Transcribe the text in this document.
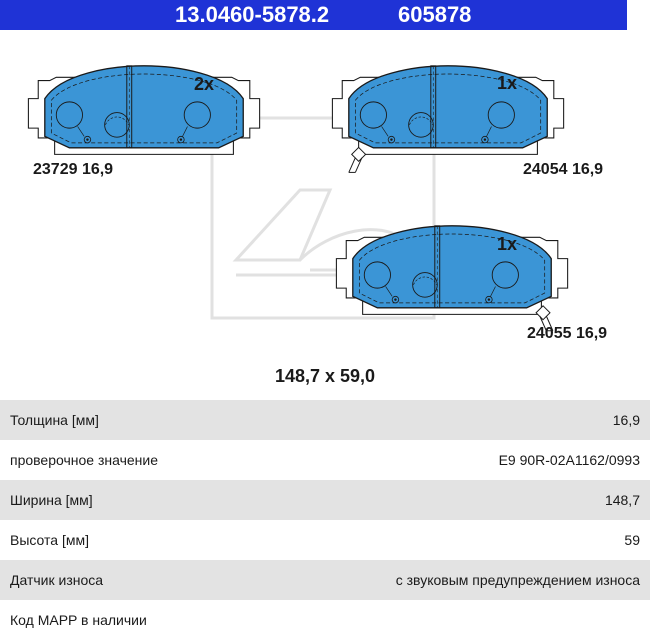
13.0460-5878.2	605878
2x	1x
1x
23729 16,9	24054 16,9
24055 16,9
148,7 x 59,0
Толщина [мм]	16,9
проверочное значение	E9 90R-02A1162/0993
Ширина [мм]	148,7
Высота [мм]	59
Датчик износа	с звуковым предупреждением износа
Код MAPP в наличии	
